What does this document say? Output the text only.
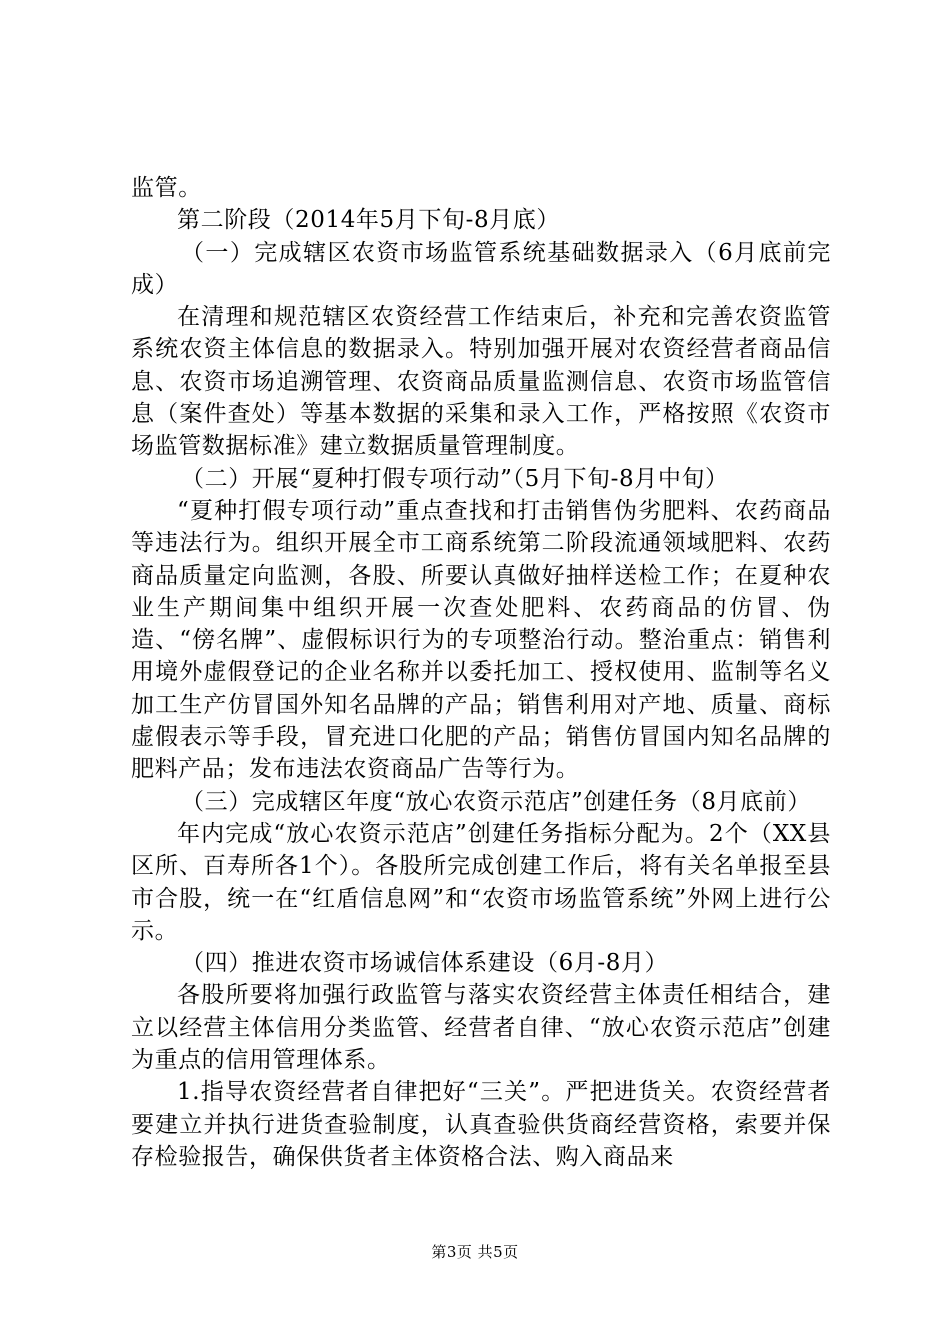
监管。

第二阶段（2014年5月下旬-8月底）

（一）完成辖区农资市场监管系统基础数据录入（6月底前完成）

在清理和规范辖区农资经营工作结束后，补充和完善农资监管系统农资主体信息的数据录入。特别加强开展对农资经营者商品信息、农资市场追溯管理、农资商品质量监测信息、农资市场监管信息（案件查处）等基本数据的采集和录入工作，严格按照《农资市场监管数据标准》建立数据质量管理制度。

（二）开展“夏种打假专项行动”（5月下旬-8月中旬）

“夏种打假专项行动”重点查找和打击销售伪劣肥料、农药商品等违法行为。组织开展全市工商系统第二阶段流通领域肥料、农药商品质量定向监测，各股、所要认真做好抽样送检工作；在夏种农业生产期间集中组织开展一次查处肥料、农药商品的仿冒、伪造、“傍名牌”、虚假标识行为的专项整治行动。整治重点：销售利用境外虚假登记的企业名称并以委托加工、授权使用、监制等名义加工生产仿冒国外知名品牌的产品；销售利用对产地、质量、商标虚假表示等手段，冒充进口化肥的产品；销售仿冒国内知名品牌的肥料产品；发布违法农资商品广告等行为。

（三）完成辖区年度“放心农资示范店”创建任务（8月底前）

年内完成“放心农资示范店”创建任务指标分配为。2个（XX县区所、百寿所各1个）。各股所完成创建工作后，将有关名单报至县市合股，统一在“红盾信息网”和“农资市场监管系统”外网上进行公示。

（四）推进农资市场诚信体系建设（6月-8月）

各股所要将加强行政监管与落实农资经营主体责任相结合，建立以经营主体信用分类监管、经营者自律、“放心农资示范店”创建为重点的信用管理体系。

1.指导农资经营者自律把好“三关”。严把进货关。农资经营者要建立并执行进货查验制度，认真查验供货商经营资格，索要并保存检验报告，确保供货者主体资格合法、购入商品来

第3页 共5页
